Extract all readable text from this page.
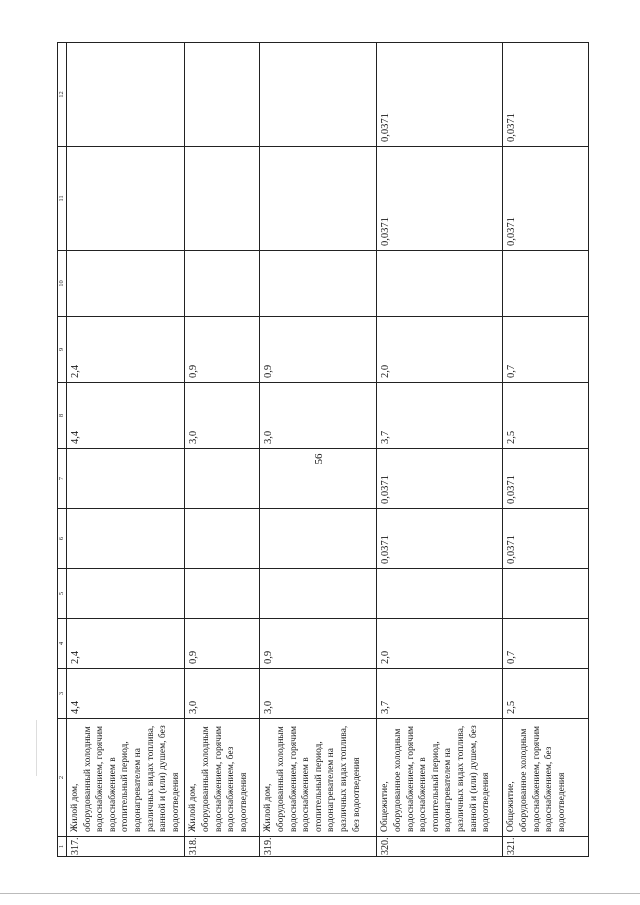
56
1	2	3	4	5	6	7	8	9	10	11	12
317.	Жилой дом, оборудованный холодным водоснабжением, горячим водоснабжением в отопительный период, водонагревателем на различных видах топлива, ванной и (или) душем, без водоотведения	4,4	2,4				4,4	2,4			
318.	Жилой дом, оборудованный холодным водоснабжением, горячим водоснабжением, без водоотведения	3,0	0,9				3,0	0,9			
319.	Жилой дом, оборудованный холодным водоснабжением, горячим водоснабжением в отопительный период, водонагревателем на различных видах топлива, без водоотведения	3,0	0,9				3,0	0,9			
320.	Общежитие, оборудованное холодным водоснабжением, горячим водоснабжением в отопительный период, водонагревателем на различных видах топлива, ванной и (или) душем, без водоотведения	3,7	2,0		0,0371	0,0371	3,7	2,0		0,0371	0,0371
321.	Общежитие, оборудованное холодным водоснабжением, горячим водоснабжением, без водоотведения	2,5	0,7		0,0371	0,0371	2,5	0,7		0,0371	0,0371
